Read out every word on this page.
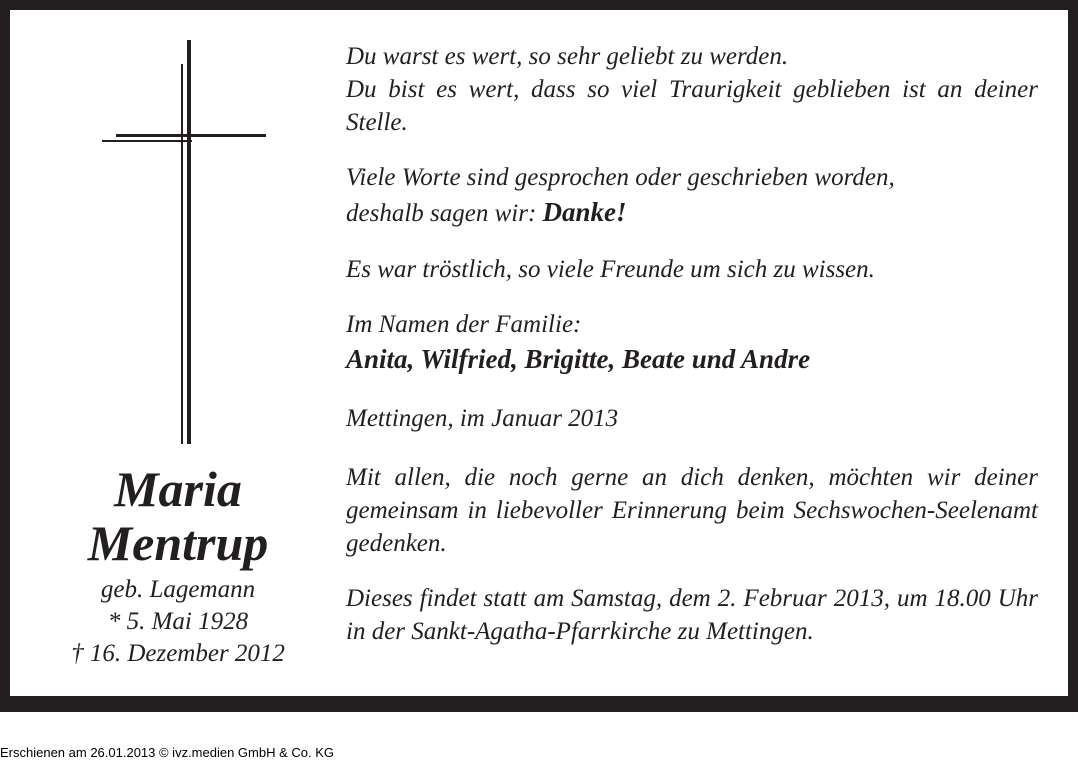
Maria

Mentrup

geb. Lagemann

* 5. Mai 1928

† 16. Dezember 2012

Du warst es wert, so sehr geliebt zu werden.

Du bist es wert, dass so viel Traurigkeit geblieben ist an deiner Stelle.

Viele Worte sind gesprochen oder geschrieben worden,

deshalb sagen wir: Danke!

Es war tröstlich, so viele Freunde um sich zu wissen.

Im Namen der Familie:

Anita, Wilfried, Brigitte, Beate und Andre

Mettingen, im Januar 2013

Mit allen, die noch gerne an dich denken, möchten wir deiner gemeinsam in liebevoller Erinnerung beim Sechswochen-Seelenamt gedenken.

Dieses findet statt am Samstag, dem 2. Februar 2013, um 18.00 Uhr in der Sankt-Agatha-Pfarrkirche zu Mettingen.

Erschienen am 26.01.2013 © ivz.medien GmbH & Co. KG
